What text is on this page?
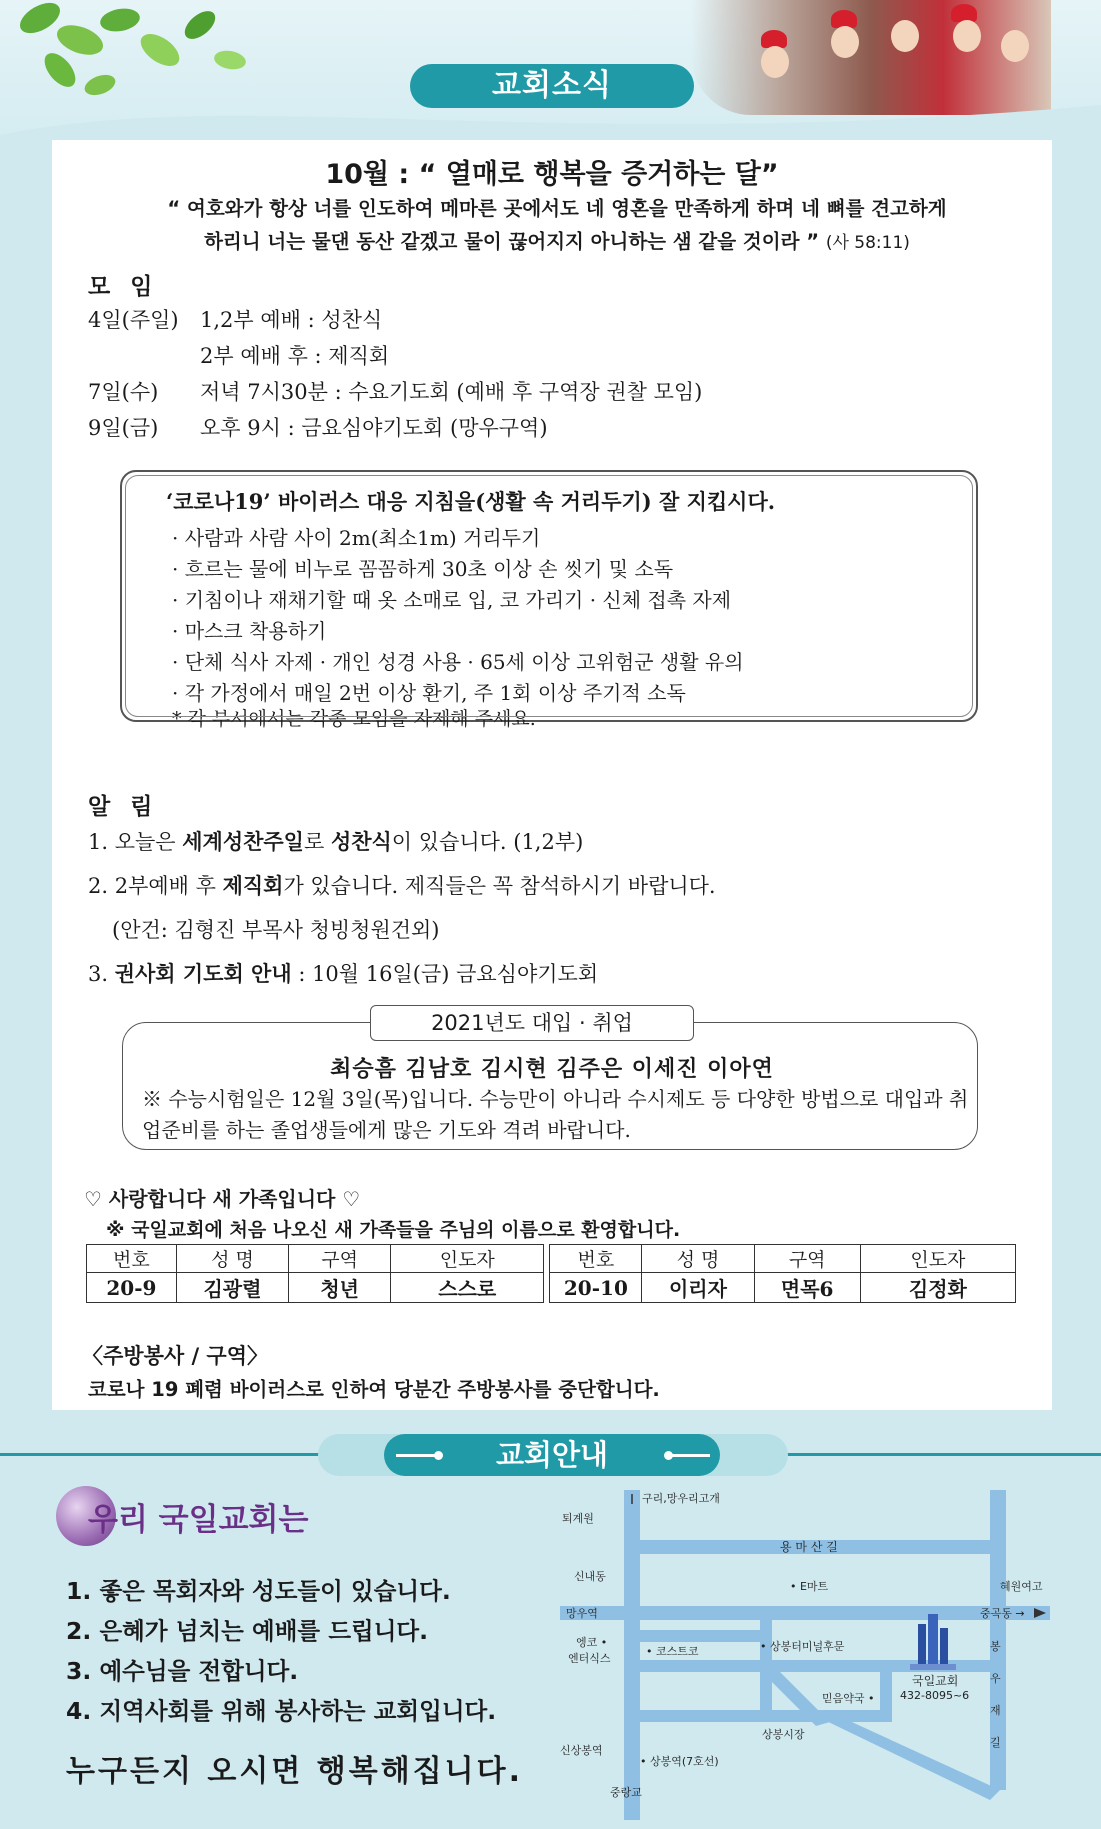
교회소식
10월 : “ 열매로 행복을 증거하는 달”
“ 여호와가 항상 너를 인도하여 메마른 곳에서도 네 영혼을 만족하게 하며 네 뼈를 견고하게
하리니 너는 물댄 동산 같겠고 물이 끊어지지 아니하는 샘 같을 것이라 ” (사 58:11)
모 임
4일(주일) 1,2부 예배 : 성찬식
2부 예배 후 : 제직회
7일(수) 저녁 7시30분 : 수요기도회 (예배 후 구역장 권찰 모임)
9일(금) 오후 9시 : 금요심야기도회 (망우구역)
‘코로나19’ 바이러스 대응 지침을(생활 속 거리두기) 잘 지킵시다.
· 사람과 사람 사이 2m(최소1m) 거리두기
· 흐르는 물에 비누로 꼼꼼하게 30초 이상 손 씻기 및 소독
· 기침이나 재채기할 때 옷 소매로 입, 코 가리기 · 신체 접촉 자제
· 마스크 착용하기
· 단체 식사 자제 · 개인 성경 사용 · 65세 이상 고위험군 생활 유의
· 각 가정에서 매일 2번 이상 환기, 주 1회 이상 주기적 소독
* 각 부서에서는 각종 모임을 자제해 주세요.
알 림
1. 오늘은 세계성찬주일로 성찬식이 있습니다. (1,2부)
2. 2부예배 후 제직회가 있습니다. 제직들은 꼭 참석하시기 바랍니다.
(안건: 김형진 부목사 청빙청원건외)
3. 권사회 기도회 안내 : 10월 16일(금) 금요심야기도회
2021년도 대입 · 취업
최승흠 김남호 김시현 김주은 이세진 이아연
※ 수능시험일은 12월 3일(목)입니다. 수능만이 아니라 수시제도 등 다양한 방법으로 대입과 취업준비를 하는 졸업생들에게 많은 기도와 격려 바랍니다.
♡ 사랑합니다 새 가족입니다 ♡
※ 국일교회에 처음 나오신 새 가족들을 주님의 이름으로 환영합니다.
번호	성 명	구역	인도자		번호	성 명	구역	인도자
20-9	김광렬	청년	스스로		20-10	이리자	면목6	김정화
〈주방봉사 / 구역〉
코로나 19 폐렴 바이러스로 인하여 당분간 주방봉사를 중단합니다.
교회안내
우리 국일교회는
1. 좋은 목회자와 성도들이 있습니다.
2. 은혜가 넘치는 예배를 드립니다.
3. 예수님을 전합니다.
4. 지역사회를 위해 봉사하는 교회입니다.
누구든지 오시면 행복해집니다.
구리,망우리고개
퇴계원
용 마 산 길
신내동
• E마트	혜원여고
망우역	중곡동 →
엥코 •
엔터식스
• 코스트코	• 상봉터미널후문
국일교회
432-8095~6
믿음약국 •
상봉시장
신상봉역
• 상봉역(7호선)
중랑교
봉
우
재
길
